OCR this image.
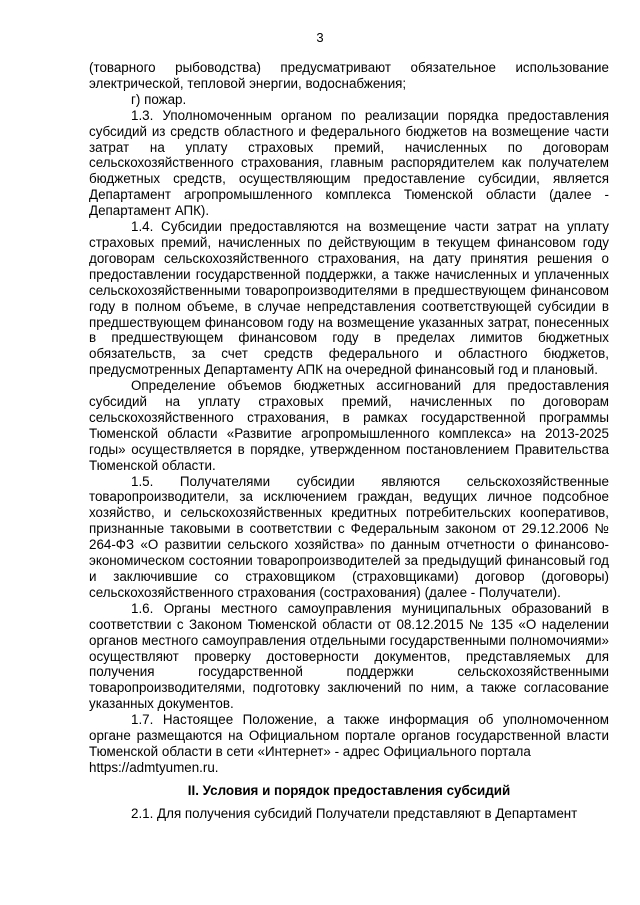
3

(товарного рыбоводства) предусматривают обязательное использование электрической, тепловой энергии, водоснабжения;

г) пожар.

1.3. Уполномоченным органом по реализации порядка предоставления субсидий из средств областного и федерального бюджетов на возмещение части затрат на уплату страховых премий, начисленных по договорам сельскохозяйственного страхования, главным распорядителем как получателем бюджетных средств, осуществляющим предоставление субсидии, является Департамент агропромышленного комплекса Тюменской области (далее - Департамент АПК).

1.4. Субсидии предоставляются на возмещение части затрат на уплату страховых премий, начисленных по действующим в текущем финансовом году договорам сельскохозяйственного страхования, на дату принятия решения о предоставлении государственной поддержки, а также начисленных и уплаченных сельскохозяйственными товаропроизводителями в предшествующем финансовом году в полном объеме, в случае непредставления соответствующей субсидии в предшествующем финансовом году на возмещение указанных затрат, понесенных в предшествующем финансовом году в пределах лимитов бюджетных обязательств, за счет средств федерального и областного бюджетов, предусмотренных Департаменту АПК на очередной финансовый год и плановый.

Определение объемов бюджетных ассигнований для предоставления субсидий на уплату страховых премий, начисленных по договорам сельскохозяйственного страхования, в рамках государственной программы Тюменской области «Развитие агропромышленного комплекса» на 2013-2025 годы» осуществляется в порядке, утвержденном постановлением Правительства Тюменской области.

1.5. Получателями субсидии являются сельскохозяйственные товаропроизводители, за исключением граждан, ведущих личное подсобное хозяйство, и сельскохозяйственных кредитных потребительских кооперативов, признанные таковыми в соответствии с Федеральным законом от 29.12.2006 № 264-ФЗ «О развитии сельского хозяйства» по данным отчетности о финансово-экономическом состоянии товаропроизводителей за предыдущий финансовый год и заключившие со страховщиком (страховщиками) договор (договоры) сельскохозяйственного страхования (сострахования) (далее - Получатели).

1.6. Органы местного самоуправления муниципальных образований в соответствии с Законом Тюменской области от 08.12.2015 № 135 «О наделении органов местного самоуправления отдельными государственными полномочиями» осуществляют проверку достоверности документов, представляемых для получения государственной поддержки сельскохозяйственными товаропроизводителями, подготовку заключений по ним, а также согласование указанных документов.

1.7. Настоящее Положение, а также информация об уполномоченном органе размещаются на Официальном портале органов государственной власти Тюменской области в сети «Интернет» - адрес Официального портала

https://admtyumen.ru.

II. Условия и порядок предоставления субсидий

2.1. Для получения субсидий Получатели представляют в Департамент
